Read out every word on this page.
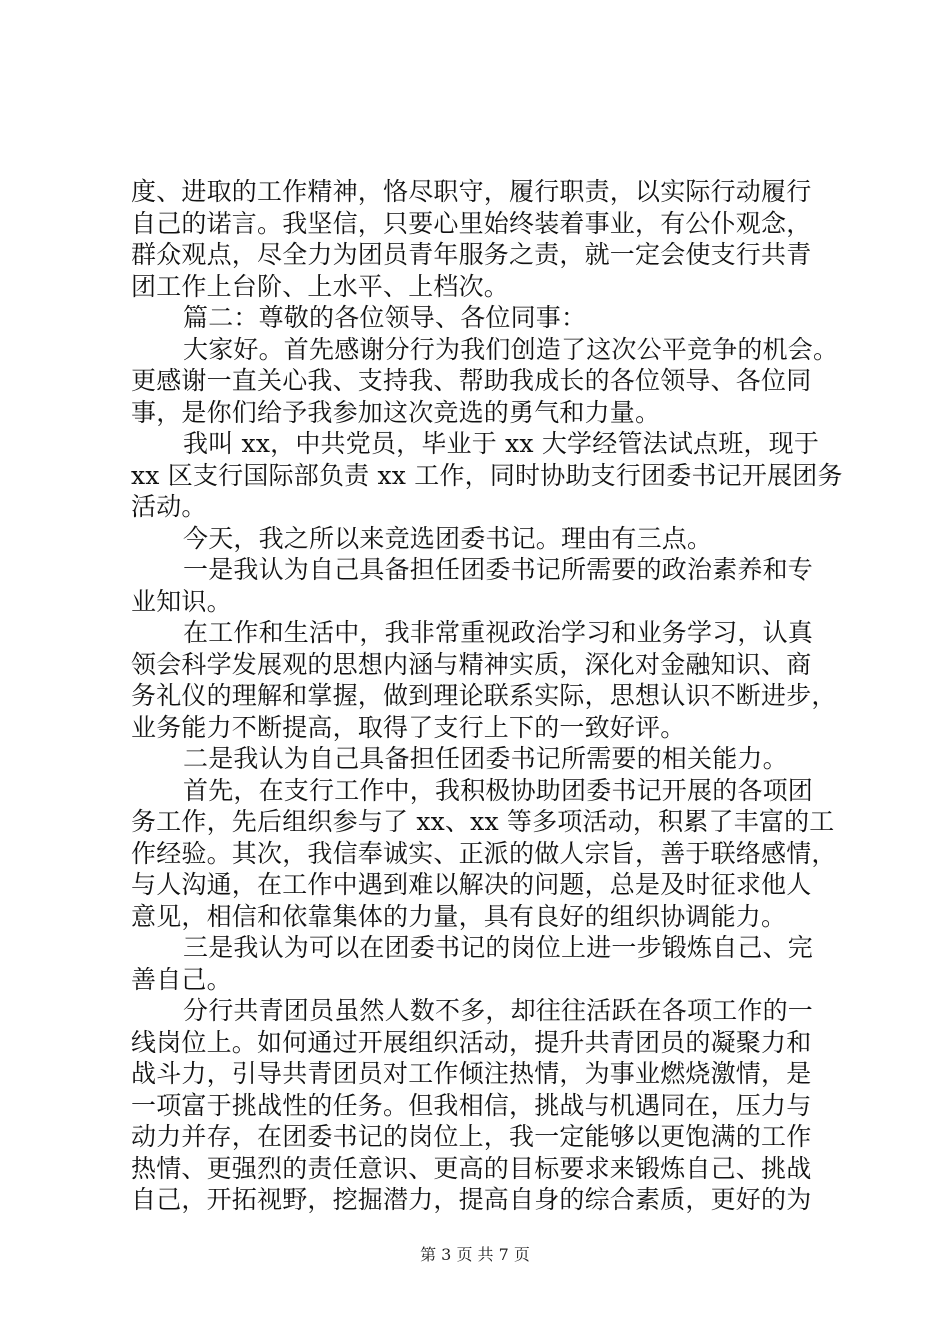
度、进取的工作精神，恪尽职守，履行职责，以实际行动履行
自己的诺言。我坚信，只要心里始终装着事业，有公仆观念，
群众观点，尽全力为团员青年服务之责，就一定会使支行共青
团工作上台阶、上水平、上档次。
篇二：尊敬的各位领导、各位同事：
大家好。首先感谢分行为我们创造了这次公平竞争的机会。
更感谢一直关心我、支持我、帮助我成长的各位领导、各位同
事，是你们给予我参加这次竞选的勇气和力量。
我叫 xx，中共党员，毕业于 xx 大学经管法试点班，现于
xx 区支行国际部负责 xx 工作，同时协助支行团委书记开展团务
活动。
今天，我之所以来竞选团委书记。理由有三点。
一是我认为自己具备担任团委书记所需要的政治素养和专
业知识。
在工作和生活中，我非常重视政治学习和业务学习，认真
领会科学发展观的思想内涵与精神实质，深化对金融知识、商
务礼仪的理解和掌握，做到理论联系实际，思想认识不断进步，
业务能力不断提高，取得了支行上下的一致好评。
二是我认为自己具备担任团委书记所需要的相关能力。
首先，在支行工作中，我积极协助团委书记开展的各项团
务工作，先后组织参与了 xx、xx 等多项活动，积累了丰富的工
作经验。其次，我信奉诚实、正派的做人宗旨，善于联络感情，
与人沟通，在工作中遇到难以解决的问题，总是及时征求他人
意见，相信和依靠集体的力量，具有良好的组织协调能力。
三是我认为可以在团委书记的岗位上进一步锻炼自己、完
善自己。
分行共青团员虽然人数不多，却往往活跃在各项工作的一
线岗位上。如何通过开展组织活动，提升共青团员的凝聚力和
战斗力，引导共青团员对工作倾注热情，为事业燃烧激情，是
一项富于挑战性的任务。但我相信，挑战与机遇同在，压力与
动力并存，在团委书记的岗位上，我一定能够以更饱满的工作
热情、更强烈的责任意识、更高的目标要求来锻炼自己、挑战
自己，开拓视野，挖掘潜力，提高自身的综合素质，更好的为
第 3 页 共 7 页
